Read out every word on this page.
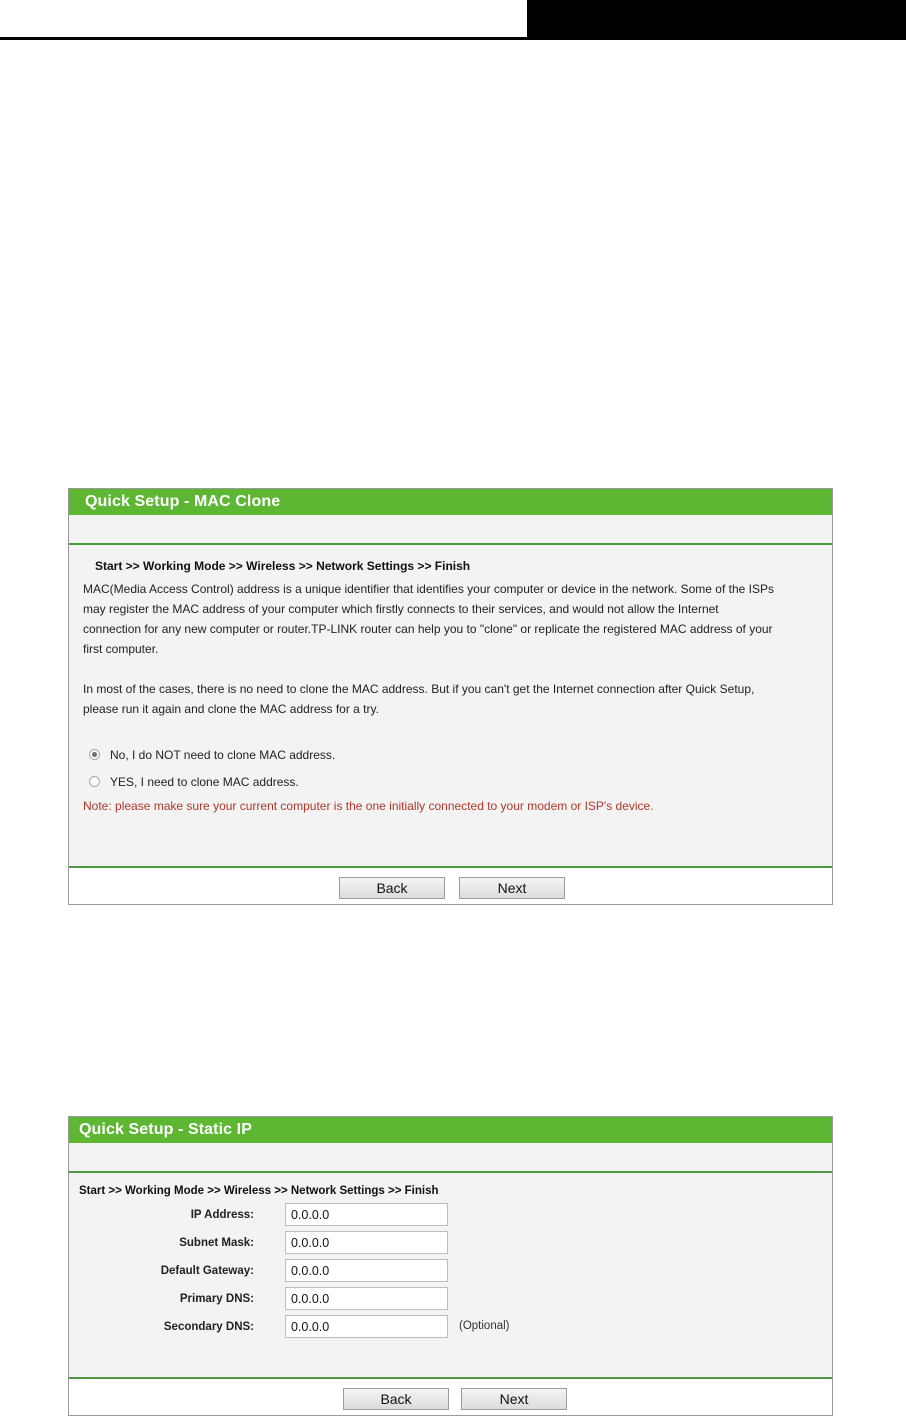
Quick Setup - MAC Clone
Start >> Working Mode >> Wireless >> Network Settings >> Finish
MAC(Media Access Control) address is a unique identifier that identifies your computer or device in the network. Some of the ISPs
may register the MAC address of your computer which firstly connects to their services, and would not allow the Internet
connection for any new computer or router.TP-LINK router can help you to "clone" or replicate the registered MAC address of your
first computer.
In most of the cases, there is no need to clone the MAC address. But if you can't get the Internet connection after Quick Setup,
please run it again and clone the MAC address for a try.
No, I do NOT need to clone MAC address.
YES, I need to clone MAC address.
Note: please make sure your current computer is the one initially connected to your modem or ISP's device.
Back	Next
Quick Setup - Static IP
Start >> Working Mode >> Wireless >> Network Settings >> Finish
IP Address:
0.0.0.0
Subnet Mask:
0.0.0.0
Default Gateway:
0.0.0.0
Primary DNS:
0.0.0.0
Secondary DNS:
0.0.0.0	(Optional)
Back	Next
